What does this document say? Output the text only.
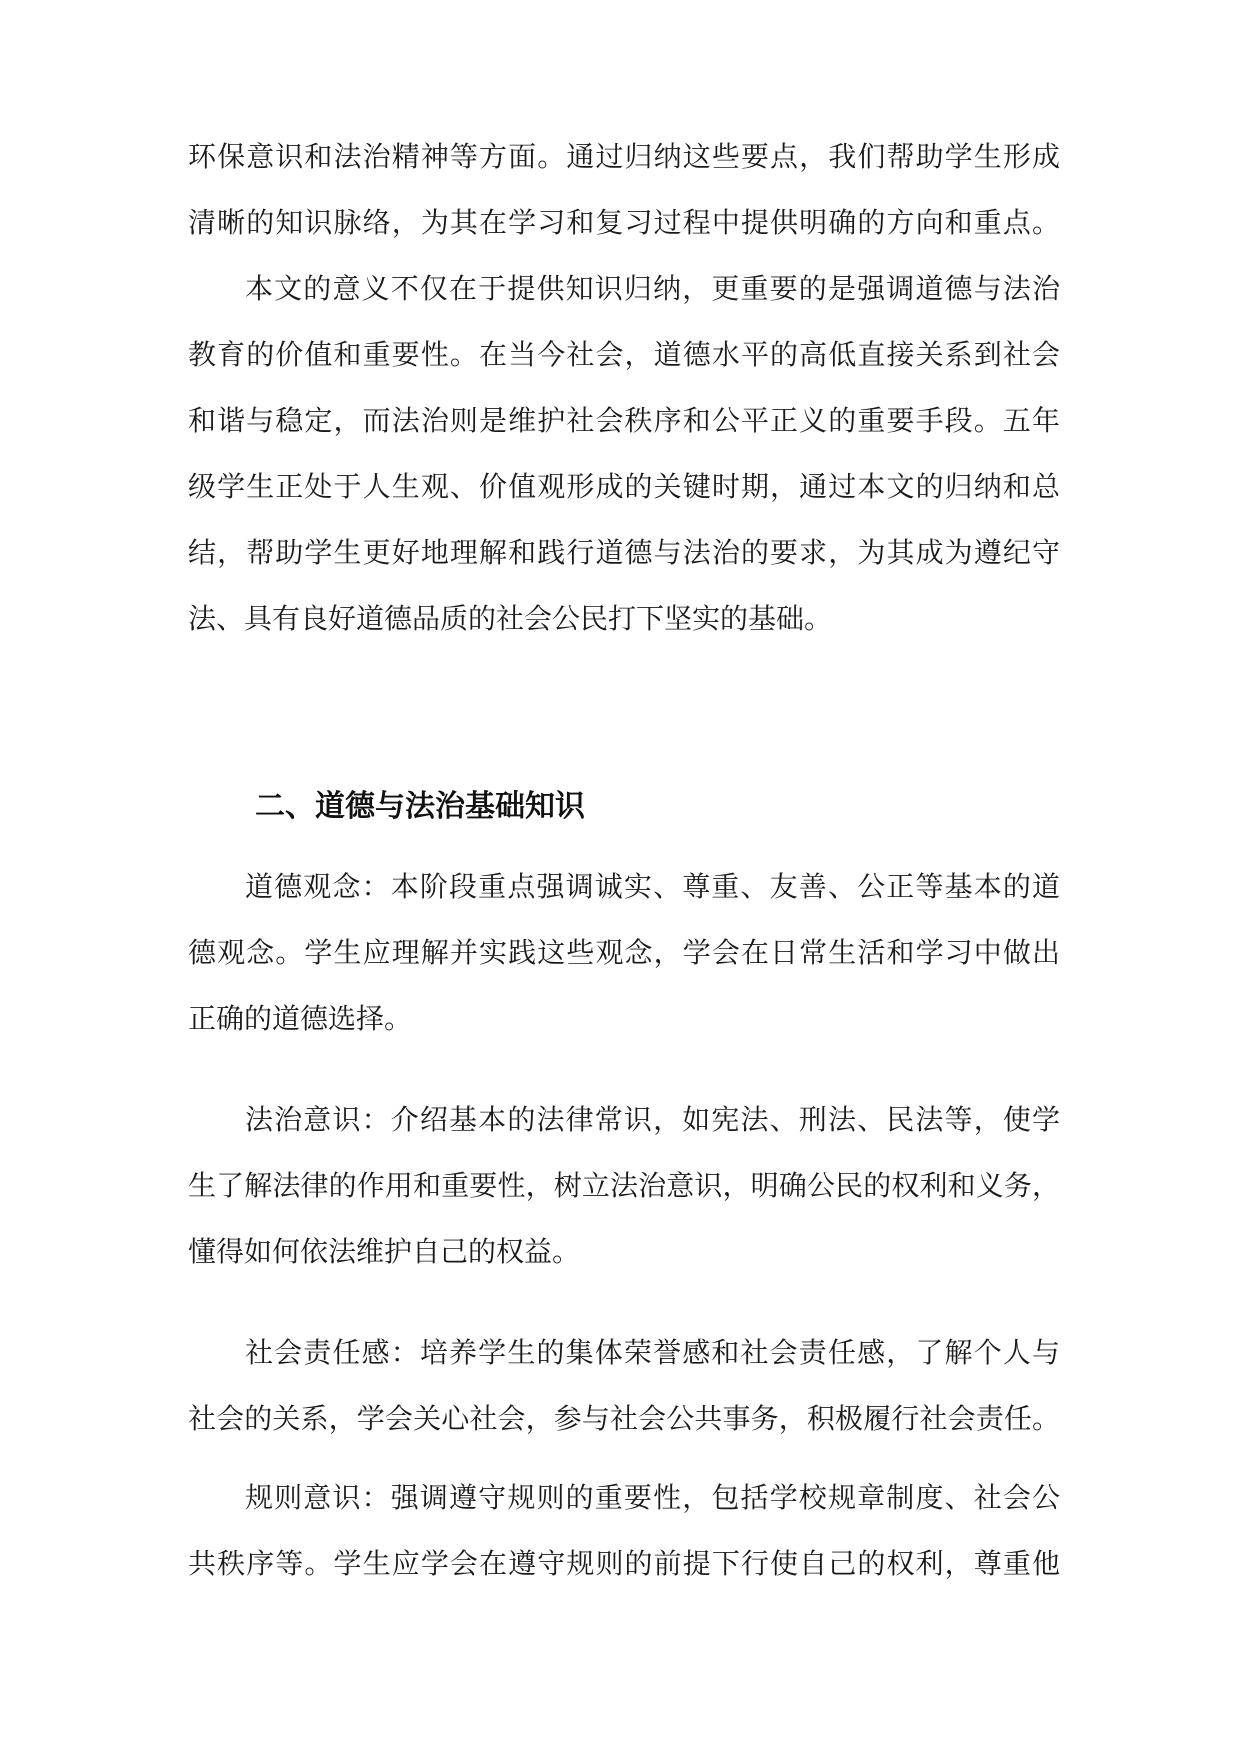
环保意识和法治精神等方面。通过归纳这些要点，我们帮助学生形成

清晰的知识脉络，为其在学习和复习过程中提供明确的方向和重点。

本文的意义不仅在于提供知识归纳，更重要的是强调道德与法治

教育的价值和重要性。在当今社会，道德水平的高低直接关系到社会

和谐与稳定，而法治则是维护社会秩序和公平正义的重要手段。五年

级学生正处于人生观、价值观形成的关键时期，通过本文的归纳和总

结，帮助学生更好地理解和践行道德与法治的要求，为其成为遵纪守

法、具有良好道德品质的社会公民打下坚实的基础。

二、道德与法治基础知识

道德观念：本阶段重点强调诚实、尊重、友善、公正等基本的道

德观念。学生应理解并实践这些观念，学会在日常生活和学习中做出

正确的道德选择。

法治意识：介绍基本的法律常识，如宪法、刑法、民法等，使学

生了解法律的作用和重要性，树立法治意识，明确公民的权利和义务，

懂得如何依法维护自己的权益。

社会责任感：培养学生的集体荣誉感和社会责任感，了解个人与

社会的关系，学会关心社会，参与社会公共事务，积极履行社会责任。

规则意识：强调遵守规则的重要性，包括学校规章制度、社会公

共秩序等。学生应学会在遵守规则的前提下行使自己的权利，尊重他
